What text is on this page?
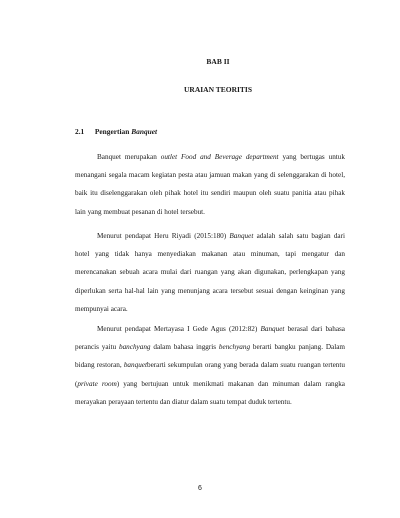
BAB II
URAIAN TEORITIS
2.1 Pengertian Banquet

Banquet merupakan outlet Food and Beverage department yang bertugas untuk menangani segala macam kegiatan pesta atau jamuan makan yang di selenggarakan di hotel, baik itu diselenggarakan oleh pihak hotel itu sendiri maupun oleh suatu panitia atau pihak lain yang membuat pesanan di hotel tersebut.

Menurut pendapat Heru Riyadi (2015:180) Banquet adalah salah satu bagian dari hotel yang tidak hanya menyediakan makanan atau minuman, tapi mengatur dan merencanakan sebuah acara mulai dari ruangan yang akan digunakan, perlengkapan yang diperlukan serta hal-hal lain yang menunjang acara tersebut sesuai dengan keinginan yang mempunyai acara.

Menurut pendapat Mertayasa I Gede Agus (2012:82) Banquet berasal dari bahasa perancis yaitu banchyang dalam bahasa inggris benchyang berarti bangku panjang. Dalam bidang restoran, banquetberarti sekumpulan orang yang berada dalam suatu ruangan tertentu (private room) yang bertujuan untuk menikmati makanan dan minuman dalam rangka merayakan perayaan tertentu dan diatur dalam suatu tempat duduk tertentu.

6
